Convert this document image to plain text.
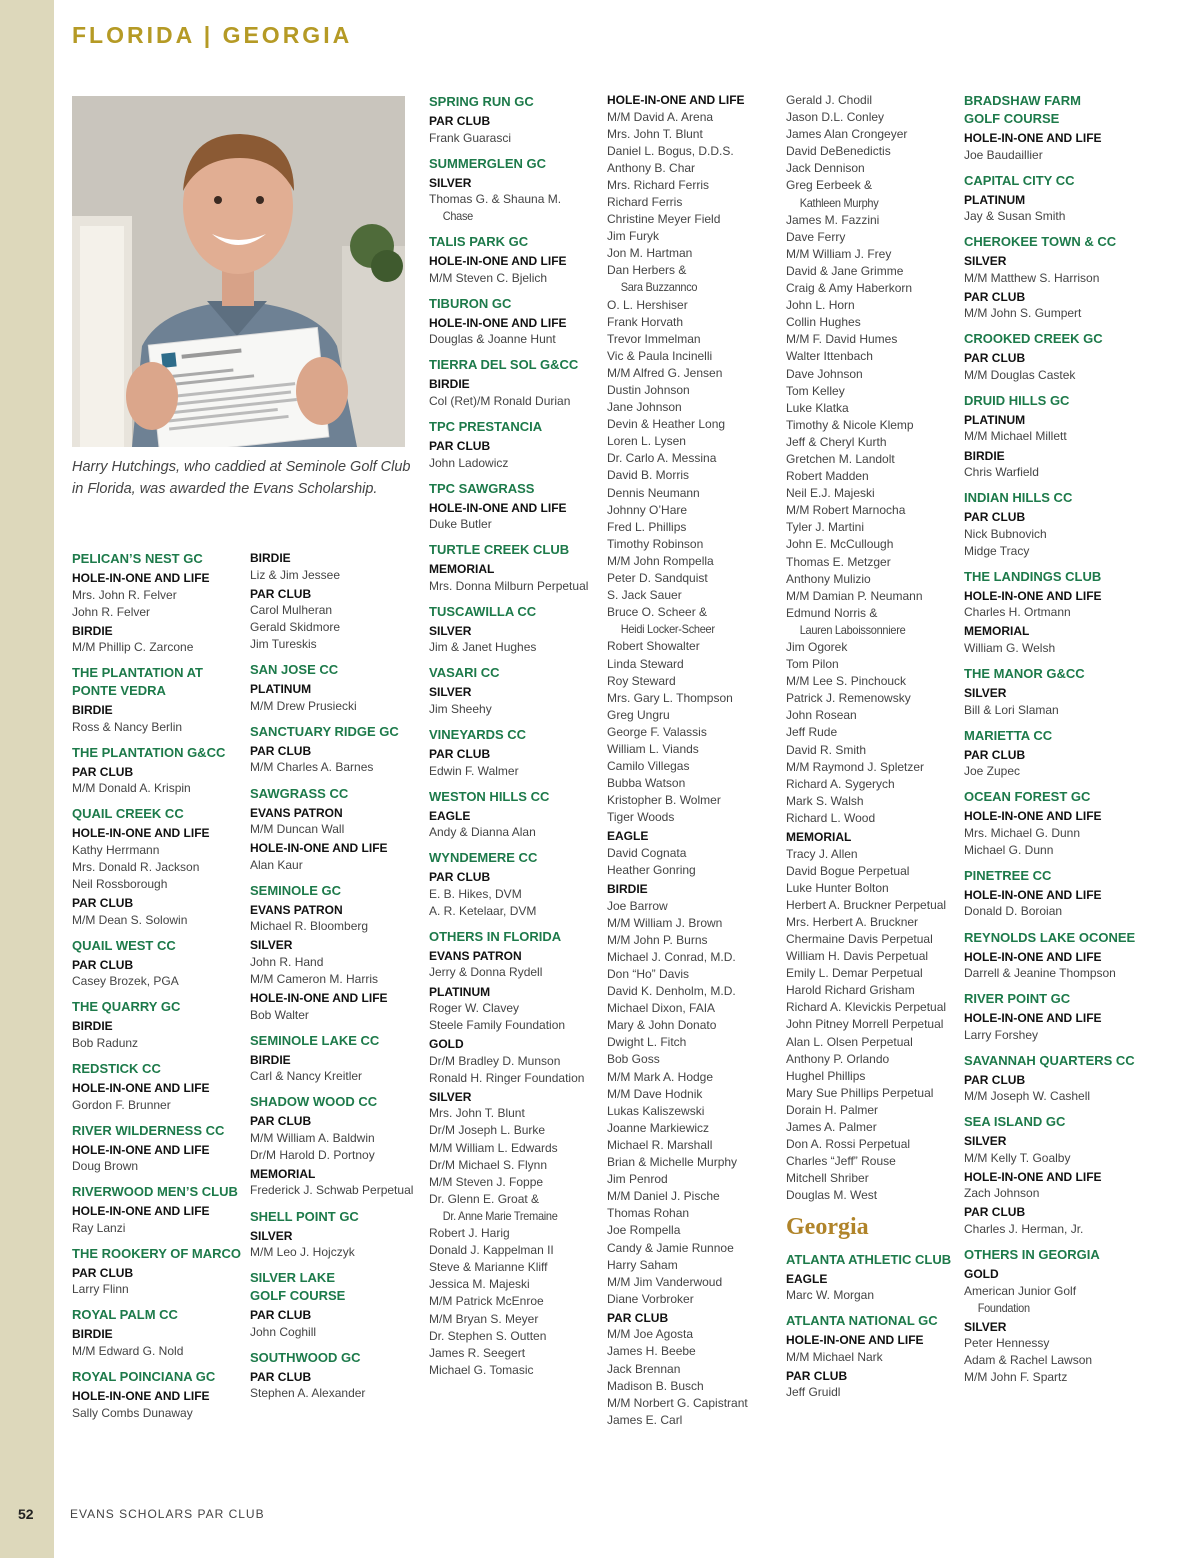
FLORIDA | GEORGIA

Harry Hutchings, who caddied at Seminole Golf Club in Florida, was awarded the Evans Scholarship.

PELICAN’S NEST GC
HOLE-IN-ONE AND LIFE
Mrs. John R. Felver
John R. Felver
BIRDIE
M/M Phillip C. Zarcone
THE PLANTATION AT
PONTE VEDRA
BIRDIE
Ross & Nancy Berlin
THE PLANTATION G&CC
PAR CLUB
M/M Donald A. Krispin
QUAIL CREEK CC
HOLE-IN-ONE AND LIFE
Kathy Herrmann
Mrs. Donald R. Jackson
Neil Rossborough
PAR CLUB
M/M Dean S. Solowin
QUAIL WEST CC
PAR CLUB
Casey Brozek, PGA
THE QUARRY GC
BIRDIE
Bob Radunz
REDSTICK CC
HOLE-IN-ONE AND LIFE
Gordon F. Brunner
RIVER WILDERNESS CC
HOLE-IN-ONE AND LIFE
Doug Brown
RIVERWOOD MEN’S CLUB
HOLE-IN-ONE AND LIFE
Ray Lanzi
THE ROOKERY OF MARCO
PAR CLUB
Larry Flinn
ROYAL PALM CC
BIRDIE
M/M Edward G. Nold
ROYAL POINCIANA GC
HOLE-IN-ONE AND LIFE
Sally Combs Dunaway
BIRDIE
Liz & Jim Jessee
PAR CLUB
Carol Mulheran
Gerald Skidmore
Jim Tureskis
SAN JOSE CC
PLATINUM
M/M Drew Prusiecki
SANCTUARY RIDGE GC
PAR CLUB
M/M Charles A. Barnes
SAWGRASS CC
EVANS PATRON
M/M Duncan Wall
HOLE-IN-ONE AND LIFE
Alan Kaur
SEMINOLE GC
EVANS PATRON
Michael R. Bloomberg
SILVER
John R. Hand
M/M Cameron M. Harris
HOLE-IN-ONE AND LIFE
Bob Walter
SEMINOLE LAKE CC
BIRDIE
Carl & Nancy Kreitler
SHADOW WOOD CC
PAR CLUB
M/M William A. Baldwin
Dr/M Harold D. Portnoy
MEMORIAL
Frederick J. Schwab Perpetual
SHELL POINT GC
SILVER
M/M Leo J. Hojczyk
SILVER LAKE
GOLF COURSE
PAR CLUB
John Coghill
SOUTHWOOD GC
PAR CLUB
Stephen A. Alexander
SPRING RUN GC
PAR CLUB
Frank Guarasci
SUMMERGLEN GC
SILVER
Thomas G. & Shauna M.
Chase
TALIS PARK GC
HOLE-IN-ONE AND LIFE
M/M Steven C. Bjelich
TIBURON GC
HOLE-IN-ONE AND LIFE
Douglas & Joanne Hunt
TIERRA DEL SOL G&CC
BIRDIE
Col (Ret)/M Ronald Durian
TPC PRESTANCIA
PAR CLUB
John Ladowicz
TPC SAWGRASS
HOLE-IN-ONE AND LIFE
Duke Butler
TURTLE CREEK CLUB
MEMORIAL
Mrs. Donna Milburn Perpetual
TUSCAWILLA CC
SILVER
Jim & Janet Hughes
VASARI CC
SILVER
Jim Sheehy
VINEYARDS CC
PAR CLUB
Edwin F. Walmer
WESTON HILLS CC
EAGLE
Andy & Dianna Alan
WYNDEMERE CC
PAR CLUB
E. B. Hikes, DVM
A. R. Ketelaar, DVM
OTHERS IN FLORIDA
EVANS PATRON
Jerry & Donna Rydell
PLATINUM
Roger W. Clavey
Steele Family Foundation
GOLD
Dr/M Bradley D. Munson
Ronald H. Ringer Foundation
SILVER
Mrs. John T. Blunt
Dr/M Joseph L. Burke
M/M William L. Edwards
Dr/M Michael S. Flynn
M/M Steven J. Foppe
Dr. Glenn E. Groat &
Dr. Anne Marie Tremaine
Robert J. Harig
Donald J. Kappelman II
Steve & Marianne Kliff
Jessica M. Majeski
M/M Patrick McEnroe
M/M Bryan S. Meyer
Dr. Stephen S. Outten
James R. Seegert
Michael G. Tomasic
HOLE-IN-ONE AND LIFE
M/M David A. Arena
Mrs. John T. Blunt
Daniel L. Bogus, D.D.S.
Anthony B. Char
Mrs. Richard Ferris
Richard Ferris
Christine Meyer Field
Jim Furyk
Jon M. Hartman
Dan Herbers &
Sara Buzzannco
O. L. Hershiser
Frank Horvath
Trevor Immelman
Vic & Paula Incinelli
M/M Alfred G. Jensen
Dustin Johnson
Jane Johnson
Devin & Heather Long
Loren L. Lysen
Dr. Carlo A. Messina
David B. Morris
Dennis Neumann
Johnny O’Hare
Fred L. Phillips
Timothy Robinson
M/M John Rompella
Peter D. Sandquist
S. Jack Sauer
Bruce O. Scheer &
Heidi Locker-Scheer
Robert Showalter
Linda Steward
Roy Steward
Mrs. Gary L. Thompson
Greg Ungru
George F. Valassis
William L. Viands
Camilo Villegas
Bubba Watson
Kristopher B. Wolmer
Tiger Woods
EAGLE
David Cognata
Heather Gonring
BIRDIE
Joe Barrow
M/M William J. Brown
M/M John P. Burns
Michael J. Conrad, M.D.
Don “Ho” Davis
David K. Denholm, M.D.
Michael Dixon, FAIA
Mary & John Donato
Dwight L. Fitch
Bob Goss
M/M Mark A. Hodge
M/M Dave Hodnik
Lukas Kaliszewski
Joanne Markiewicz
Michael R. Marshall
Brian & Michelle Murphy
Jim Penrod
M/M Daniel J. Pische
Thomas Rohan
Joe Rompella
Candy & Jamie Runnoe
Harry Saham
M/M Jim Vanderwoud
Diane Vorbroker
PAR CLUB
M/M Joe Agosta
James H. Beebe
Jack Brennan
Madison B. Busch
M/M Norbert G. Capistrant
James E. Carl
Gerald J. Chodil
Jason D.L. Conley
James Alan Crongeyer
David DeBenedictis
Jack Dennison
Greg Eerbeek &
Kathleen Murphy
James M. Fazzini
Dave Ferry
M/M William J. Frey
David & Jane Grimme
Craig & Amy Haberkorn
John L. Horn
Collin Hughes
M/M F. David Humes
Walter Ittenbach
Dave Johnson
Tom Kelley
Luke Klatka
Timothy & Nicole Klemp
Jeff & Cheryl Kurth
Gretchen M. Landolt
Robert Madden
Neil E.J. Majeski
M/M Robert Marnocha
Tyler J. Martini
John E. McCullough
Thomas E. Metzger
Anthony Mulizio
M/M Damian P. Neumann
Edmund Norris &
Lauren Laboissonniere
Jim Ogorek
Tom Pilon
M/M Lee S. Pinchouck
Patrick J. Remenowsky
John Rosean
Jeff Rude
David R. Smith
M/M Raymond J. Spletzer
Richard A. Sygerych
Mark S. Walsh
Richard L. Wood
MEMORIAL
Tracy J. Allen
David Bogue Perpetual
Luke Hunter Bolton
Herbert A. Bruckner Perpetual
Mrs. Herbert A. Bruckner
Chermaine Davis Perpetual
William H. Davis Perpetual
Emily L. Demar Perpetual
Harold Richard Grisham
Richard A. Klevickis Perpetual
John Pitney Morrell Perpetual
Alan L. Olsen Perpetual
Anthony P. Orlando
Hughel Phillips
Mary Sue Phillips Perpetual
Dorain H. Palmer
James A. Palmer
Don A. Rossi Perpetual
Charles “Jeff” Rouse
Mitchell Shriber
Douglas M. West
Georgia
ATLANTA ATHLETIC CLUB
EAGLE
Marc W. Morgan
ATLANTA NATIONAL GC
HOLE-IN-ONE AND LIFE
M/M Michael Nark
PAR CLUB
Jeff Gruidl
BRADSHAW FARM
GOLF COURSE
HOLE-IN-ONE AND LIFE
Joe Baudaillier
CAPITAL CITY CC
PLATINUM
Jay & Susan Smith
CHEROKEE TOWN & CC
SILVER
M/M Matthew S. Harrison
PAR CLUB
M/M John S. Gumpert
CROOKED CREEK GC
PAR CLUB
M/M Douglas Castek
DRUID HILLS GC
PLATINUM
M/M Michael Millett
BIRDIE
Chris Warfield
INDIAN HILLS CC
PAR CLUB
Nick Bubnovich
Midge Tracy
THE LANDINGS CLUB
HOLE-IN-ONE AND LIFE
Charles H. Ortmann
MEMORIAL
William G. Welsh
THE MANOR G&CC
SILVER
Bill & Lori Slaman
MARIETTA CC
PAR CLUB
Joe Zupec
OCEAN FOREST GC
HOLE-IN-ONE AND LIFE
Mrs. Michael G. Dunn
Michael G. Dunn
PINETREE CC
HOLE-IN-ONE AND LIFE
Donald D. Boroian
REYNOLDS LAKE OCONEE
HOLE-IN-ONE AND LIFE
Darrell & Jeanine Thompson
RIVER POINT GC
HOLE-IN-ONE AND LIFE
Larry Forshey
SAVANNAH QUARTERS CC
PAR CLUB
M/M Joseph W. Cashell
SEA ISLAND GC
SILVER
M/M Kelly T. Goalby
HOLE-IN-ONE AND LIFE
Zach Johnson
PAR CLUB
Charles J. Herman, Jr.
OTHERS IN GEORGIA
GOLD
American Junior Golf
Foundation
SILVER
Peter Hennessy
Adam & Rachel Lawson
M/M John F. Spartz
52	EVANS SCHOLARS PAR CLUB
